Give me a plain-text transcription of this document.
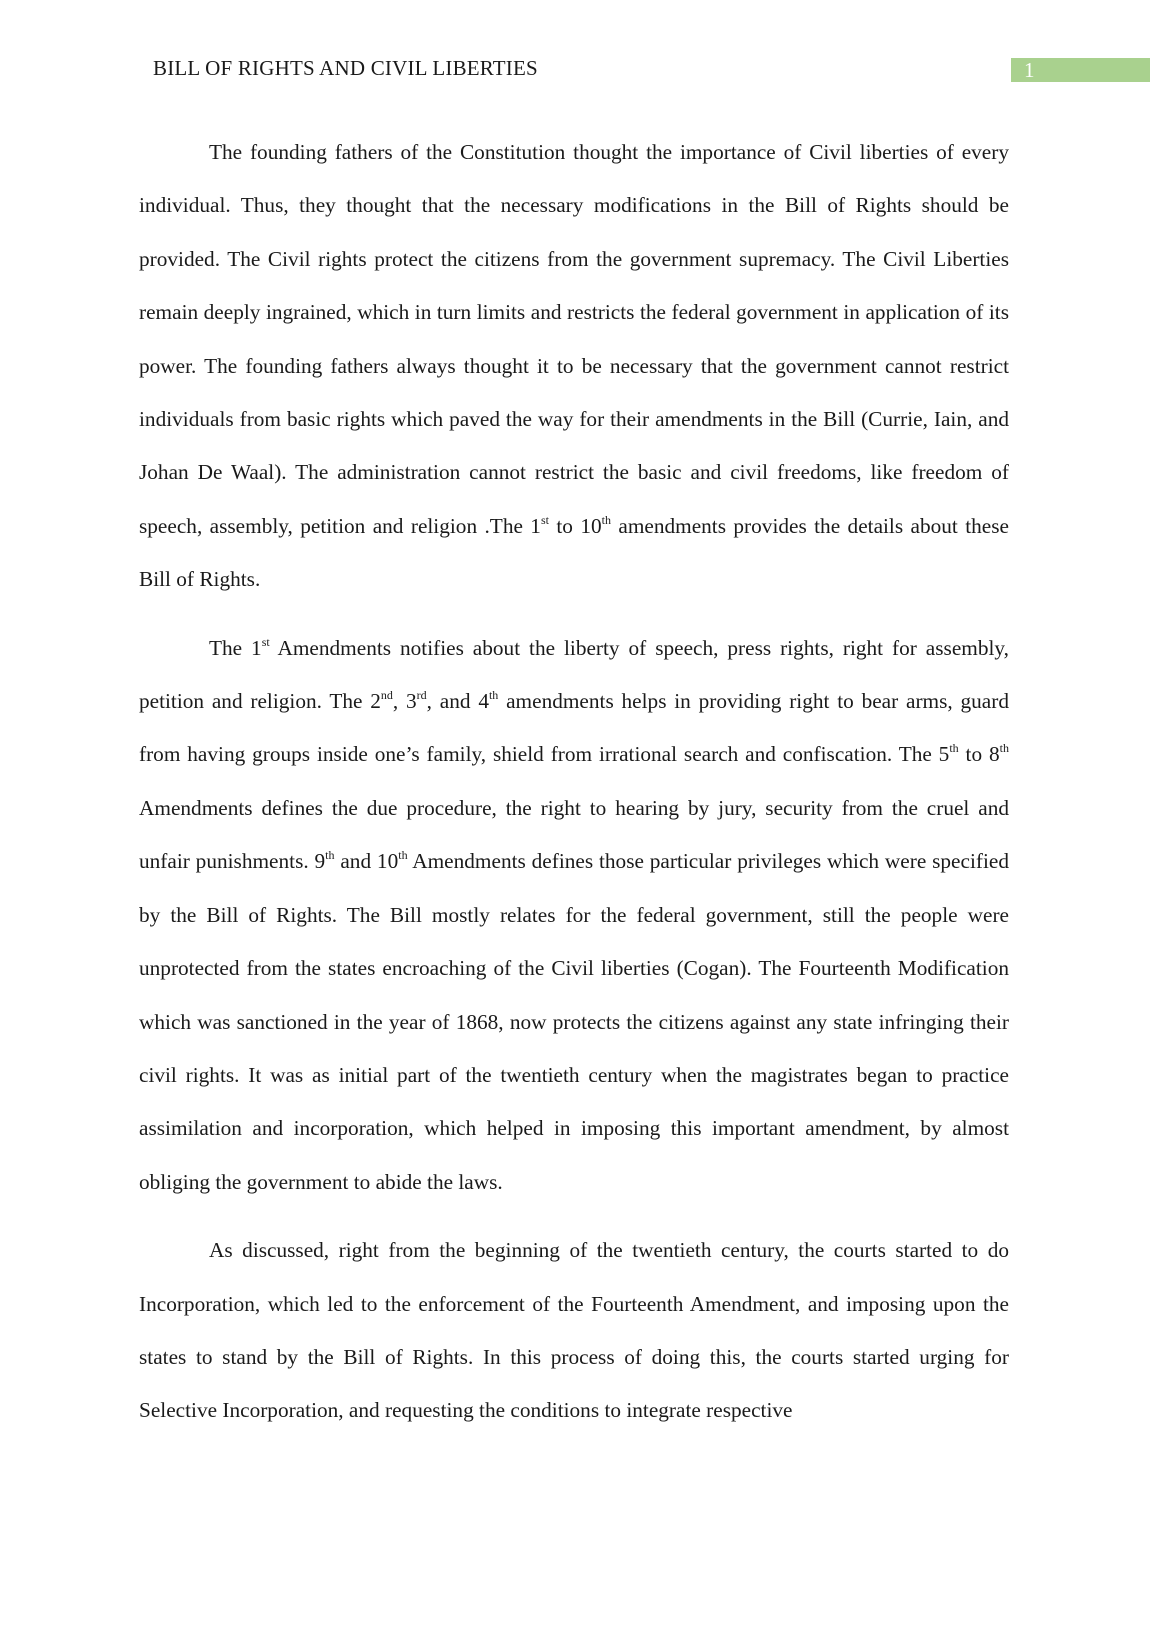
BILL OF RIGHTS AND CIVIL LIBERTIES	1

The founding fathers of the Constitution thought the importance of Civil liberties of every individual. Thus, they thought that the necessary modifications in the Bill of Rights should be provided. The Civil rights protect the citizens from the government supremacy. The Civil Liberties remain deeply ingrained, which in turn limits and restricts the federal government in application of its power. The founding fathers always thought it to be necessary that the government cannot restrict individuals from basic rights which paved the way for their amendments in the Bill (Currie, Iain, and Johan De Waal). The administration cannot restrict the basic and civil freedoms, like freedom of speech, assembly, petition and religion .The 1st to 10th amendments provides the details about these Bill of Rights.

The 1st Amendments notifies about the liberty of speech, press rights, right for assembly, petition and religion. The 2nd, 3rd, and 4th amendments helps in providing right to bear arms, guard from having groups inside one’s family, shield from irrational search and confiscation. The 5th to 8th Amendments defines the due procedure, the right to hearing by jury, security from the cruel and unfair punishments. 9th and 10th Amendments defines those particular privileges which were specified by the Bill of Rights. The Bill mostly relates for the federal government, still the people were unprotected from the states encroaching of the Civil liberties (Cogan). The Fourteenth Modification which was sanctioned in the year of 1868, now protects the citizens against any state infringing their civil rights. It was as initial part of the twentieth century when the magistrates began to practice assimilation and incorporation, which helped in imposing this important amendment, by almost obliging the government to abide the laws.

As discussed, right from the beginning of the twentieth century, the courts started to do Incorporation, which led to the enforcement of the Fourteenth Amendment, and imposing upon the states to stand by the Bill of Rights. In this process of doing this, the courts started urging for Selective Incorporation, and requesting the conditions to integrate respective
